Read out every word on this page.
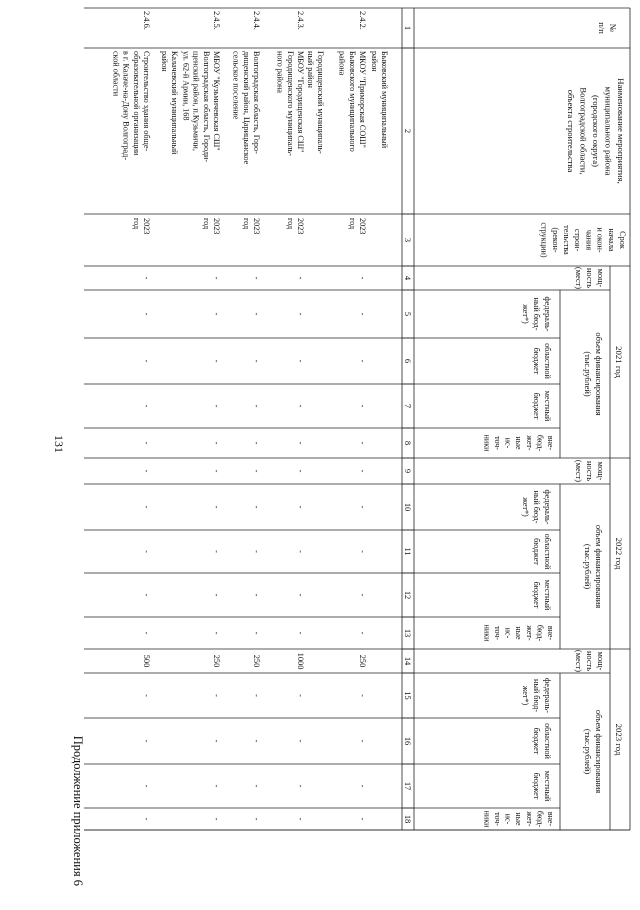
131
Продолжение приложения 6
2021 год
мощ-
ность
(мест)
объем финансирования
(тыс.рублей)
федераль-
ный бюд-
жет*)
областной
бюджет
местный
бюджет
вне-
бюд-
жет-
ные
ис-
точ-
ники
2022 год
мощ-
ность
(мест)
объем финансирования
(тыс.рублей)
федераль-
ный бюд-
жет*)
областной
бюджет
местный
бюджет
вне-
бюд-
жет-
ные
ис-
точ-
ники
2023 год
мощ-
ность
(мест)
объем финансирования
(тыс.рублей)
федераль-
ный бюд-
жет*)
областной
бюджет
местный
бюджет
вне-
бюд-
жет-
ные
ис-
точ-
ники
№
п/п
Наименование мероприятия,
муниципального района
(городского округа)
Волгоградской области,
объекта строительства
Срок
начала
и окон-
чания
строи-
тельства
(рекон-
струкции)
1
2
3
4
5
6
7
8
9
10
11
12
13
14
15
16
17
18
Быковский муниципальный
район
2.4.2.
МКОУ "Приморская СОШ"
Быковского муниципального
района
2023
год
-
-
-
-
-
-
-
-
-
-
250
-
-
-
-
Городищенский муниципаль-
ный район
2.4.3.
МБОУ "Городищенская СШ"
Городищенского муниципаль-
ного района
2023
год
-
-
-
-
-
-
-
-
-
-
1000
-
-
-
-
2.4.4.
Волгоградская область, Горо-
дищенский район, Царицынское
сельское поселение
2023
год
-
-
-
-
-
-
-
-
-
-
250
-
-
-
-
2.4.5.
МБОУ "Кузьмичевская СШ"
Волгоградская область, Городи-
щенский район, п.Кузьмичи,
ул. 62-й Армии, 168
2023
год
-
-
-
-
-
-
-
-
-
-
250
-
-
-
-
Калачевский муниципальный
район
2.4.6.
Строительство здания обще-
образовательной организации
в г. Калаче-на-Дону Волгоград-
ской области
2023
год
-
-
-
-
-
-
-
-
-
-
500
-
-
-
-
